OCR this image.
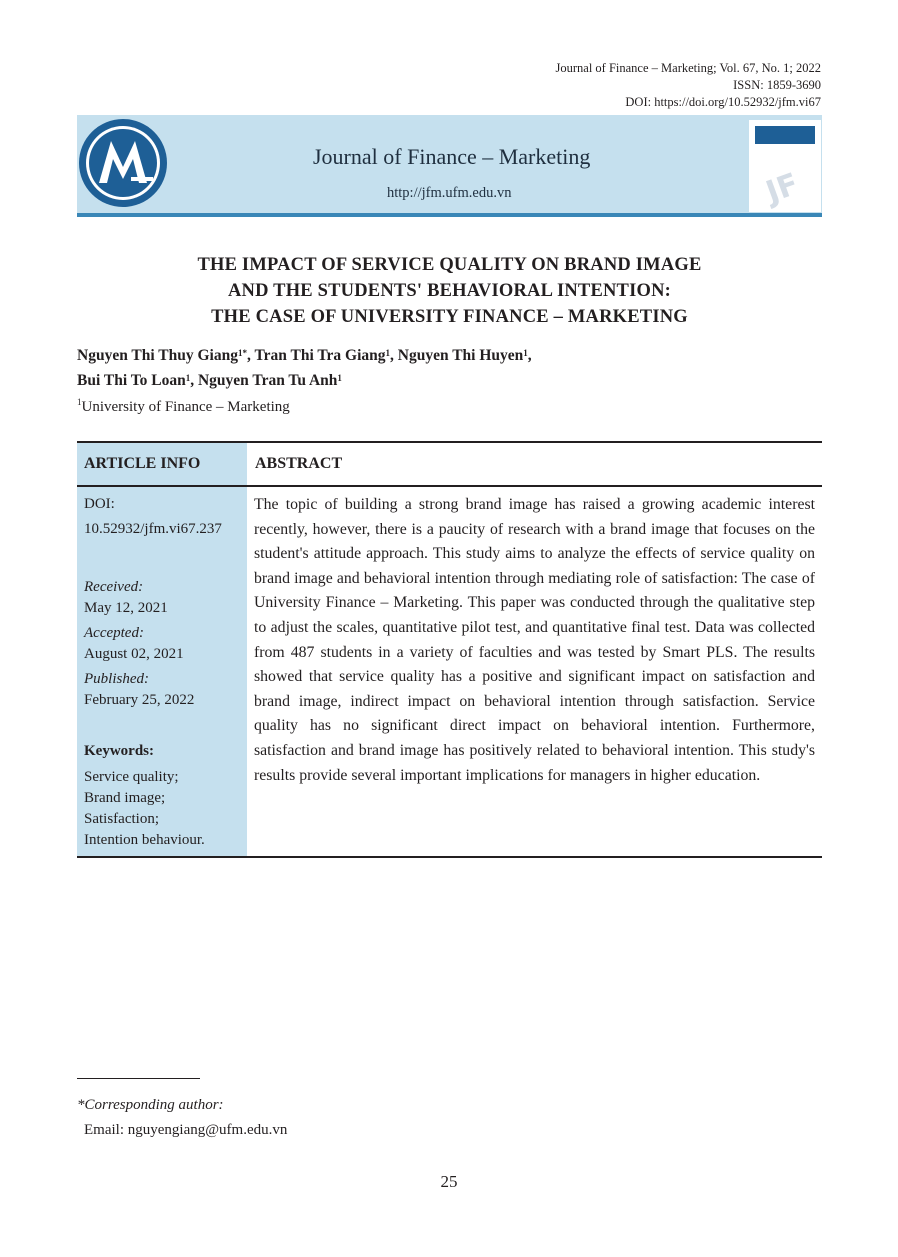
Journal of Finance – Marketing; Vol. 67, No. 1; 2022
ISSN: 1859-3690
DOI: https://doi.org/10.52932/jfm.vi67
Journal of Finance – Marketing
http://jfm.ufm.edu.vn	JF
THE IMPACT OF SERVICE QUALITY ON BRAND IMAGE
AND THE STUDENTS' BEHAVIORAL INTENTION:
THE CASE OF UNIVERSITY FINANCE – MARKETING
Nguyen Thi Thuy Giang$^{1*}$, Tran Thi Tra Giang$^1$, Nguyen Thi Huyen$^1$,
Bui Thi To Loan$^1$, Nguyen Tran Tu Anh$^1$
$^1$University of Finance – Marketing
ARTICLE INFO	ABSTRACT
DOI:
10.52932/jfm.vi67.237
Received:
May 12, 2021
Accepted:
August 02, 2021
Published:
February 25, 2022
Keywords:
Service quality;
Brand image;
Satisfaction;
Intention behaviour.
The topic of building a strong brand image has raised a growing academic interest recently, however, there is a paucity of research with a brand image that focuses on the student's attitude approach. This study aims to analyze the effects of service quality on brand image and behavioral intention through mediating role of satisfaction: The case of University Finance – Marketing. This paper was conducted through the qualitative step to adjust the scales, quantitative pilot test, and quantitative final test. Data was collected from 487 students in a variety of faculties and was tested by Smart PLS. The results showed that service quality has a positive and significant impact on satisfaction and brand image, indirect impact on behavioral intention through satisfaction. Service quality has no significant direct impact on behavioral intention. Furthermore, satisfaction and brand image has positively related to behavioral intention. This study's results provide several important implications for managers in higher education.
*Corresponding author:
Email: nguyengiang@ufm.edu.vn
25
